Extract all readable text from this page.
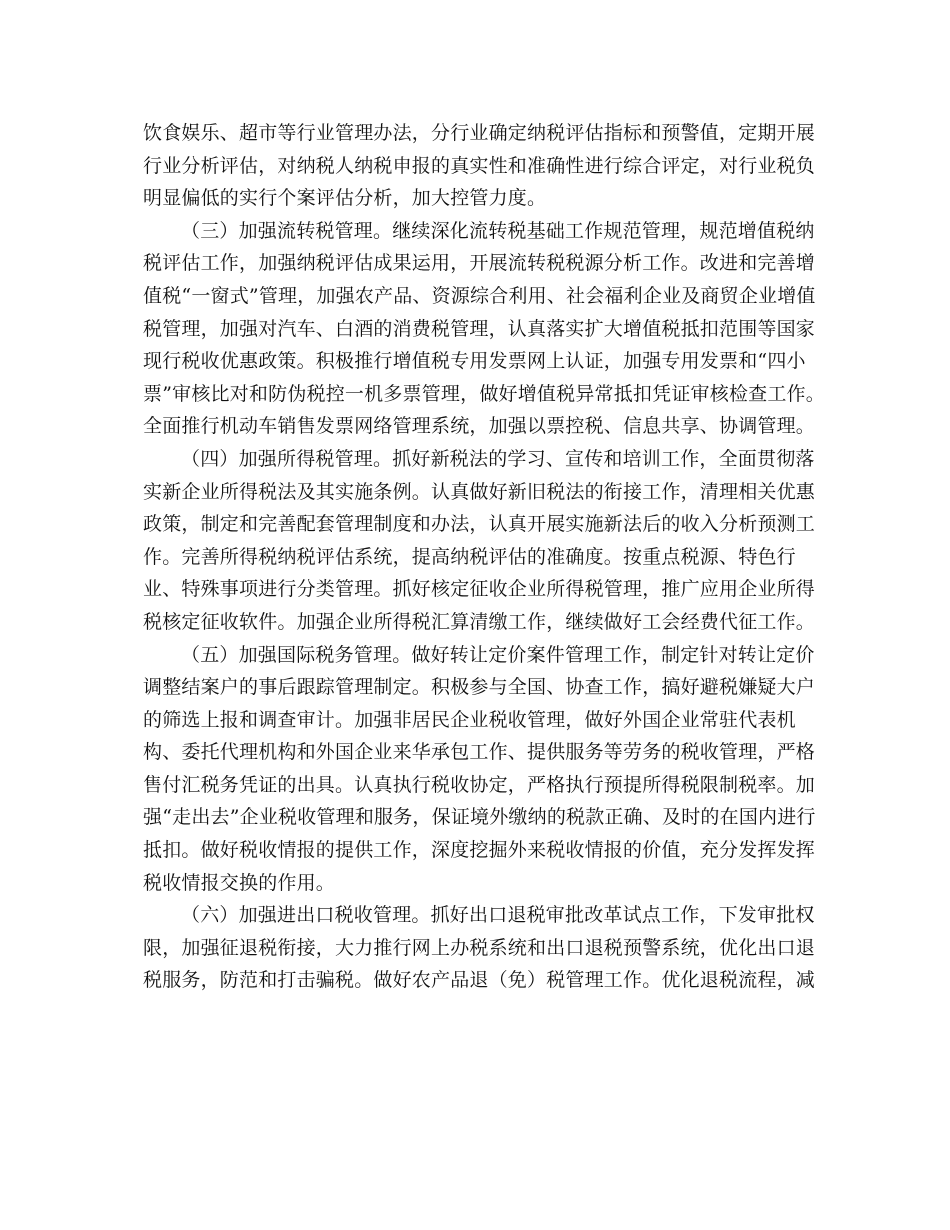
饮食娱乐、超市等行业管理办法，分行业确定纳税评估指标和预警值，定期开展
行业分析评估，对纳税人纳税申报的真实性和准确性进行综合评定，对行业税负
明显偏低的实行个案评估分析，加大控管力度。

（三）加强流转税管理。继续深化流转税基础工作规范管理，规范增值税纳
税评估工作，加强纳税评估成果运用，开展流转税税源分析工作。改进和完善增
值税“一窗式”管理，加强农产品、资源综合利用、社会福利企业及商贸企业增值
税管理，加强对汽车、白酒的消费税管理，认真落实扩大增值税抵扣范围等国家
现行税收优惠政策。积极推行增值税专用发票网上认证，加强专用发票和“四小
票”审核比对和防伪税控一机多票管理，做好增值税异常抵扣凭证审核检查工作。
全面推行机动车销售发票网络管理系统，加强以票控税、信息共享、协调管理。

（四）加强所得税管理。抓好新税法的学习、宣传和培训工作，全面贯彻落
实新企业所得税法及其实施条例。认真做好新旧税法的衔接工作，清理相关优惠
政策，制定和完善配套管理制度和办法，认真开展实施新法后的收入分析预测工
作。完善所得税纳税评估系统，提高纳税评估的准确度。按重点税源、特色行
业、特殊事项进行分类管理。抓好核定征收企业所得税管理，推广应用企业所得
税核定征收软件。加强企业所得税汇算清缴工作，继续做好工会经费代征工作。

（五）加强国际税务管理。做好转让定价案件管理工作，制定针对转让定价
调整结案户的事后跟踪管理制定。积极参与全国、协查工作，搞好避税嫌疑大户
的筛选上报和调查审计。加强非居民企业税收管理，做好外国企业常驻代表机
构、委托代理机构和外国企业来华承包工作、提供服务等劳务的税收管理，严格
售付汇税务凭证的出具。认真执行税收协定，严格执行预提所得税限制税率。加
强“走出去”企业税收管理和服务，保证境外缴纳的税款正确、及时的在国内进行
抵扣。做好税收情报的提供工作，深度挖掘外来税收情报的价值，充分发挥发挥
税收情报交换的作用。

（六）加强进出口税收管理。抓好出口退税审批改革试点工作，下发审批权
限，加强征退税衔接，大力推行网上办税系统和出口退税预警系统，优化出口退
税服务，防范和打击骗税。做好农产品退（免）税管理工作。优化退税流程，减
